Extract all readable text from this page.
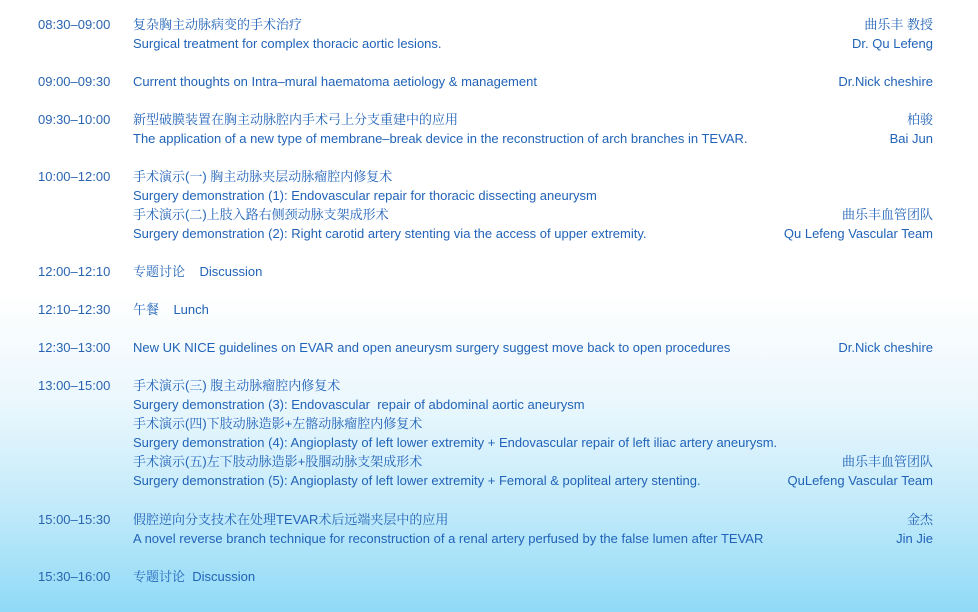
08:30–09:00 复杂胸主动脉病变的手术治疗
Surgical treatment for complex thoracic aortic lesions.
曲乐丰 教授
Dr. Qu Lefeng
09:00–09:30 Current thoughts on Intra–mural haematoma aetiology & management	Dr.Nick cheshire
09:30–10:00 新型破膜装置在胸主动脉腔内手术弓上分支重建中的应用
The application of a new type of membrane–break device in the reconstruction of arch branches in TEVAR.
柏骏
Bai Jun
10:00–12:00 手术演示(一) 胸主动脉夹层动脉瘤腔内修复术
Surgery demonstration (1): Endovascular repair for thoracic dissecting aneurysm
手术演示(二)上肢入路右侧颈动脉支架成形术
Surgery demonstration (2): Right carotid artery stenting via the access of upper extremity.
曲乐丰血管团队
Qu Lefeng Vascular Team
12:00–12:10 专题讨论    Discussion
12:10–12:30 午餐    Lunch
12:30–13:00 New UK NICE guidelines on EVAR and open aneurysm surgery suggest move back to open procedures	Dr.Nick cheshire
13:00–15:00 手术演示(三) 腹主动脉瘤腔内修复术
Surgery demonstration (3): Endovascular  repair of abdominal aortic aneurysm
手术演示(四)下肢动脉造影+左髂动脉瘤腔内修复术
Surgery demonstration (4): Angioplasty of left lower extremity + Endovascular repair of left iliac artery aneurysm.
手术演示(五)左下肢动脉造影+股腘动脉支架成形术
Surgery demonstration (5): Angioplasty of left lower extremity + Femoral & popliteal artery stenting.
曲乐丰血管团队
QuLefeng Vascular Team
15:00–15:30 假腔逆向分支技术在处理TEVAR术后远端夹层中的应用
A novel reverse branch technique for reconstruction of a renal artery perfused by the false lumen after TEVAR
金杰
Jin Jie
15:30–16:00 专题讨论  Discussion
